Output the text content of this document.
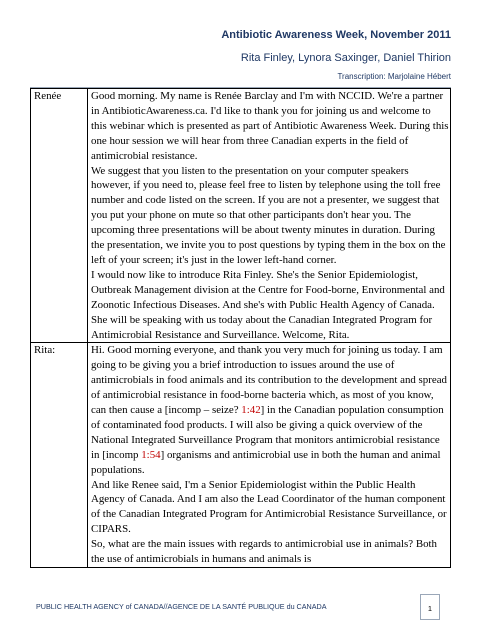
Antibiotic Awareness Week, November 2011
Rita Finley, Lynora Saxinger, Daniel Thirion
Transcription: Marjolaine Hébert
Renée	Good morning. My name is Renée Barclay and I'm with NCCID. We're a partner in AntibioticAwareness.ca. I'd like to thank you for joining us and welcome to this webinar which is presented as part of Antibiotic Awareness Week. During this one hour session we will hear from three Canadian experts in the field of antimicrobial resistance.

We suggest that you listen to the presentation on your computer speakers however, if you need to, please feel free to listen by telephone using the toll free number and code listed on the screen. If you are not a presenter, we suggest that you put your phone on mute so that other participants don't hear you. The upcoming three presentations will be about twenty minutes in duration. During the presentation, we invite you to post questions by typing them in the box on the left of your screen; it's just in the lower left-hand corner.

I would now like to introduce Rita Finley. She's the Senior Epidemiologist, Outbreak Management division at the Centre for Food-borne, Environmental and Zoonotic Infectious Diseases. And she's with Public Health Agency of Canada. She will be speaking with us today about the Canadian Integrated Program for Antimicrobial Resistance and Surveillance. Welcome, Rita.

Rita:	Hi. Good morning everyone, and thank you very much for joining us today. I am going to be giving you a brief introduction to issues around the use of antimicrobials in food animals and its contribution to the development and spread of antimicrobial resistance in food-borne bacteria which, as most of you know, can then cause a [incomp – seize? 1:42] in the Canadian population consumption of contaminated food products. I will also be giving a quick overview of the National Integrated Surveillance Program that monitors antimicrobial resistance in [incomp 1:54] organisms and antimicrobial use in both the human and animal populations.

And like Renee said, I'm a Senior Epidemiologist within the Public Health Agency of Canada. And I am also the Lead Coordinator of the human component of the Canadian Integrated Program for Antimicrobial Resistance Surveillance, or CIPARS.

So, what are the main issues with regards to antimicrobial use in animals? Both the use of antimicrobials in humans and animals is

PUBLIC HEALTH AGENCY of CANADA//AGENCE DE LA SANTÉ PUBLIQUE du CANADA	1
